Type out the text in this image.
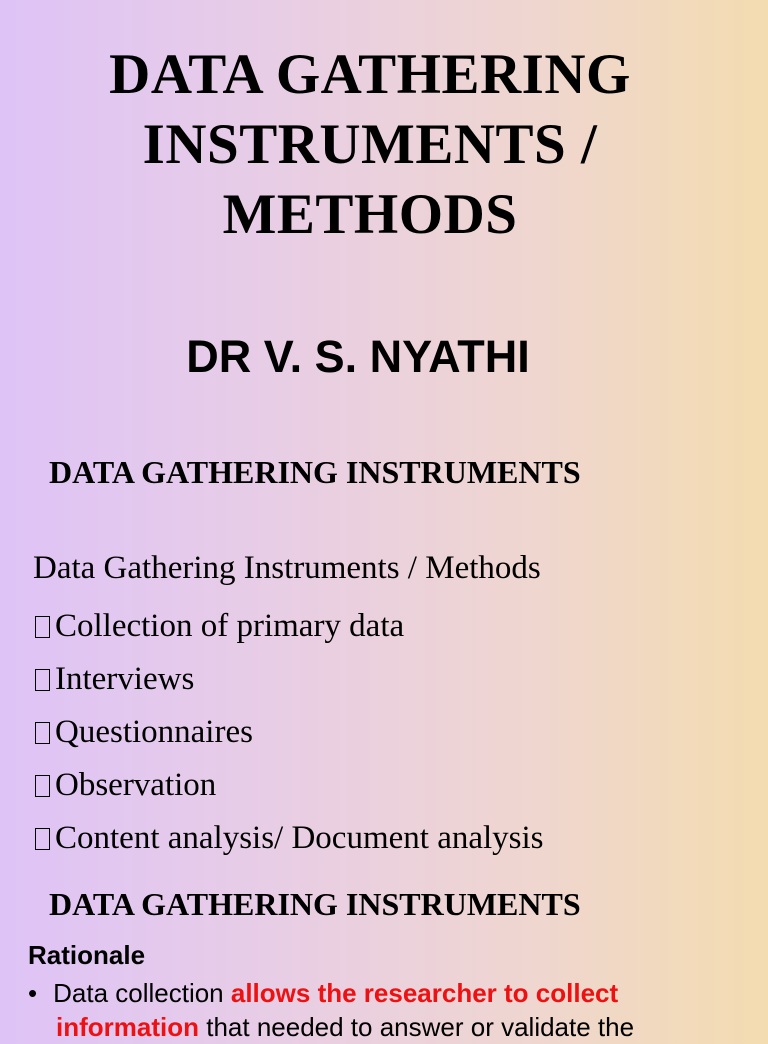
DATA GATHERING
INSTRUMENTS /
METHODS
DR V. S. NYATHI
DATA GATHERING INSTRUMENTS
Data Gathering Instruments / Methods
Collection of primary data
Interviews
Questionnaires
Observation
Content analysis/ Document analysis
DATA GATHERING INSTRUMENTS
Rationale
• Data collection allows the researcher to collect
information that needed to answer or validate the
